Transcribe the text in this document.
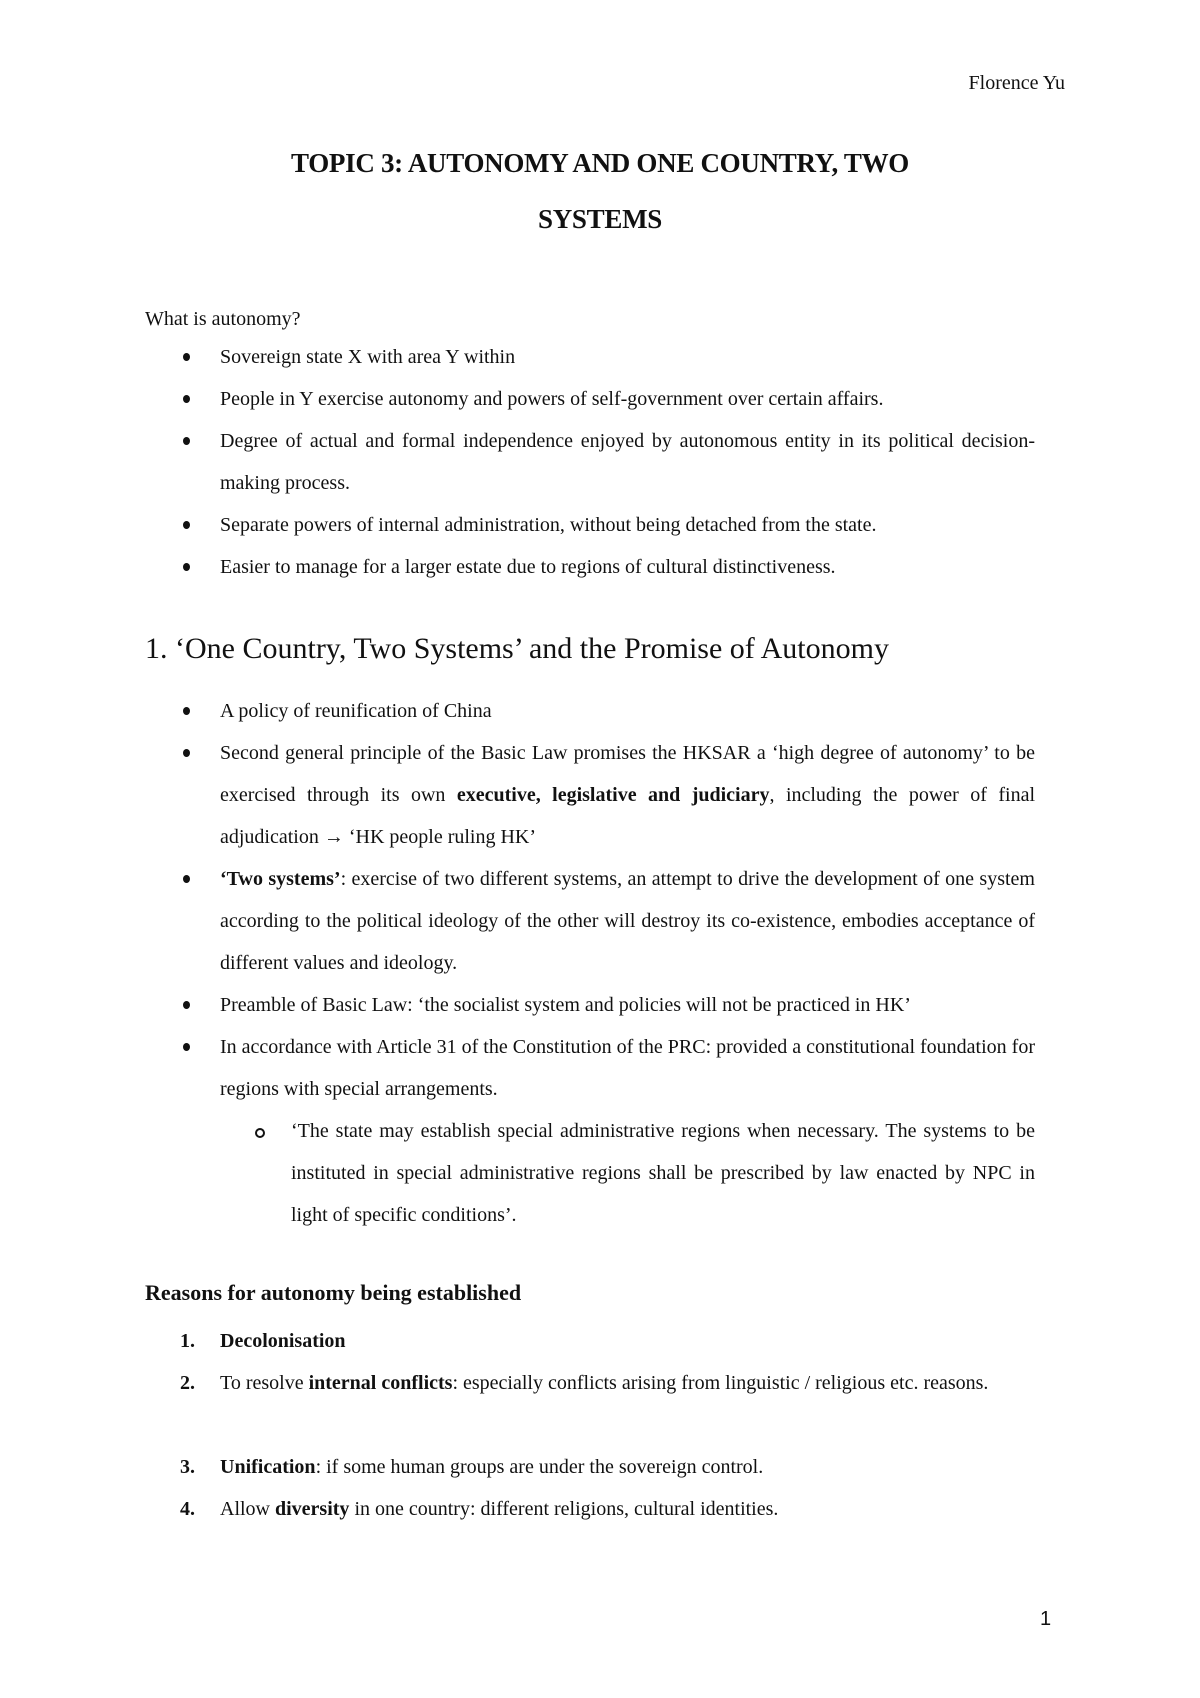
Florence Yu
TOPIC 3: AUTONOMY AND ONE COUNTRY, TWO
SYSTEMS
What is autonomy?
Sovereign state X with area Y within
People in Y exercise autonomy and powers of self-government over certain affairs.
Degree of actual and formal independence enjoyed by autonomous entity in its political decision-making process.
Separate powers of internal administration, without being detached from the state.
Easier to manage for a larger estate due to regions of cultural distinctiveness.
1. ‘One Country, Two Systems’ and the Promise of Autonomy
A policy of reunification of China
Second general principle of the Basic Law promises the HKSAR a ‘high degree of autonomy’ to be exercised through its own executive, legislative and judiciary, including the power of final adjudication → ‘HK people ruling HK’
‘Two systems’: exercise of two different systems, an attempt to drive the development of one system according to the political ideology of the other will destroy its co-existence, embodies acceptance of different values and ideology.
Preamble of Basic Law: ‘the socialist system and policies will not be practiced in HK’
In accordance with Article 31 of the Constitution of the PRC: provided a constitutional foundation for regions with special arrangements.
‘The state may establish special administrative regions when necessary. The systems to be instituted in special administrative regions shall be prescribed by law enacted by NPC in light of specific conditions’.
Reasons for autonomy being established
1. Decolonisation
2. To resolve internal conflicts: especially conflicts arising from linguistic / religious etc. reasons.
3. Unification: if some human groups are under the sovereign control.
4. Allow diversity in one country: different religions, cultural identities.
1
